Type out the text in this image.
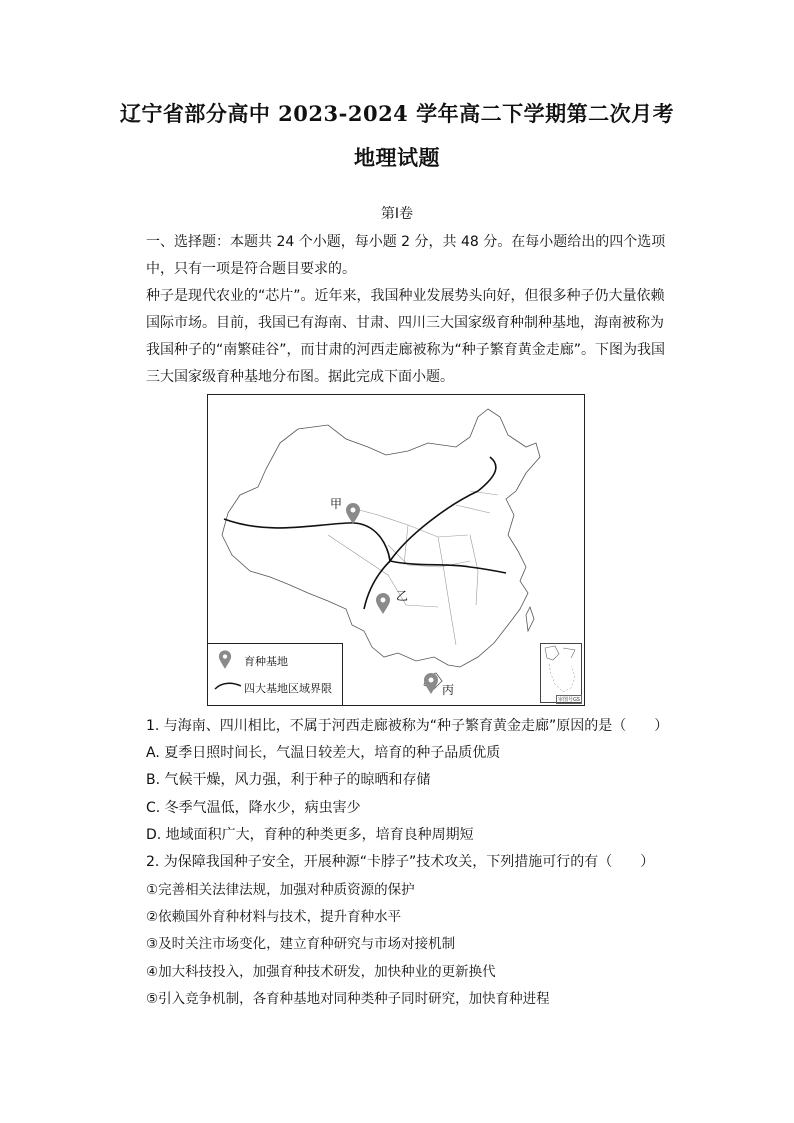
辽宁省部分高中 2023-2024 学年高二下学期第二次月考
地理试题
第Ⅰ卷

一、选择题：本题共 24 个小题，每小题 2 分，共 48 分。在每小题给出的四个选项中，只有一项是符合题目要求的。

种子是现代农业的“芯片”。近年来，我国种业发展势头向好，但很多种子仍大量依赖国际市场。目前，我国已有海南、甘肃、四川三大国家级育种制种基地，海南被称为我国种子的“南繁硅谷”，而甘肃的河西走廊被称为“种子繁育黄金走廊”。下图为我国三大国家级育种基地分布图。据此完成下面小题。

甲
乙
丙
育种基地
四大基地区域界限
审图号GS
1. 与海南、四川相比，不属于河西走廊被称为“种子繁育黄金走廊”原因的是（　　）
A. 夏季日照时间长，气温日较差大，培育的种子品质优质
B. 气候干燥，风力强，利于种子的晾晒和存储
C. 冬季气温低，降水少，病虫害少
D. 地域面积广大，育种的种类更多，培育良种周期短
2. 为保障我国种子安全，开展种源“卡脖子”技术攻关，下列措施可行的有（　　）
①完善相关法律法规，加强对种质资源的保护
②依赖国外育种材料与技术，提升育种水平
③及时关注市场变化，建立育种研究与市场对接机制
④加大科技投入，加强育种技术研发，加快种业的更新换代
⑤引入竞争机制，各育种基地对同种类种子同时研究，加快育种进程
